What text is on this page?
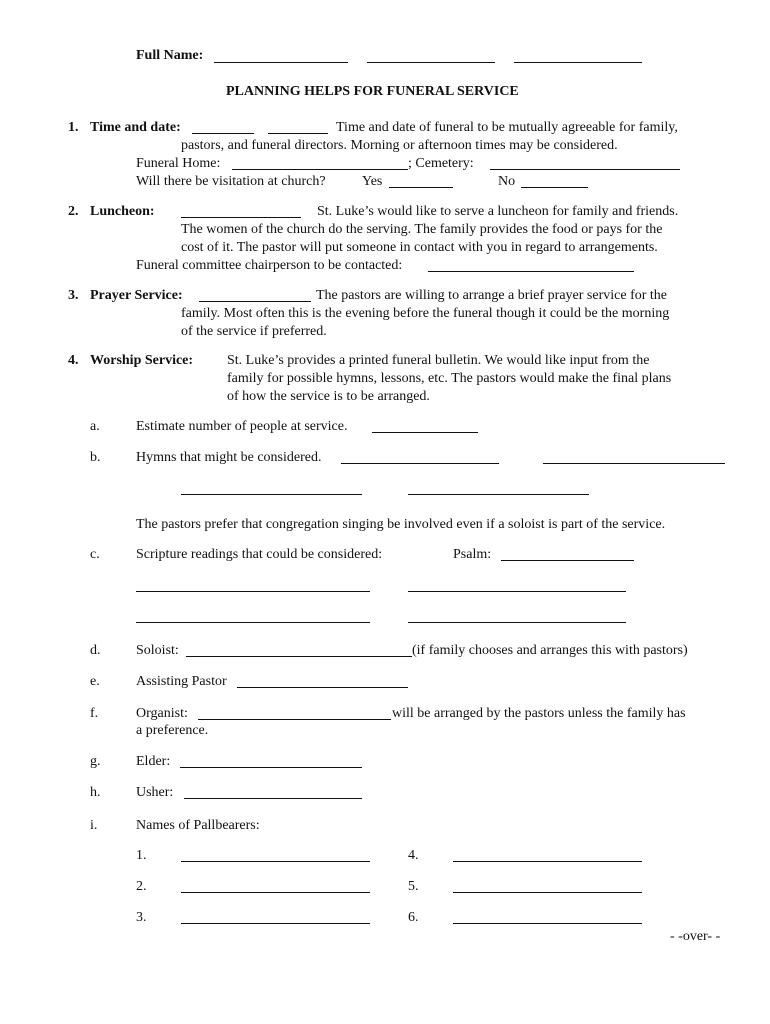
Full Name:
PLANNING HELPS FOR FUNERAL SERVICE
1. Time and date:	Time and date of funeral to be mutually agreeable for family,
pastors, and funeral directors. Morning or afternoon times may be considered.
Funeral Home:	; Cemetery:
Will there be visitation at church?	Yes	No
2. Luncheon:	St. Luke’s would like to serve a luncheon for family and friends.
The women of the church do the serving. The family provides the food or pays for the
cost of it. The pastor will put someone in contact with you in regard to arrangements.
Funeral committee chairperson to be contacted:
3. Prayer Service:	The pastors are willing to arrange a brief prayer service for the
family. Most often this is the evening before the funeral though it could be the morning
of the service if preferred.
4. Worship Service: St. Luke’s provides a printed funeral bulletin. We would like input from the
family for possible hymns, lessons, etc. The pastors would make the final plans
of how the service is to be arranged.
a.	Estimate number of people at service.
b.	Hymns that might be considered.
The pastors prefer that congregation singing be involved even if a soloist is part of the service.
c.	Scripture readings that could be considered:	Psalm:
d.	Soloist:	(if family chooses and arranges this with pastors)
e.	Assisting Pastor
f.	Organist:	will be arranged by the pastors unless the family has
a preference.
g.	Elder:
h.	Usher:
i.	Names of Pallbearers:
1.	4.
2.	5.
3.	6.
- -over- -
